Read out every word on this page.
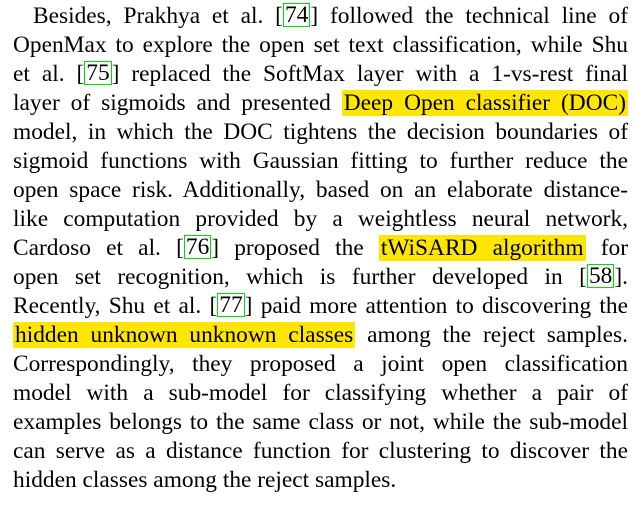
Besides, Prakhya et al. [74] followed the technical line of
OpenMax to explore the open set text classification, while Shu
et al. [75] replaced the SoftMax layer with a 1-vs-rest final
layer of sigmoids and presented Deep Open classifier (DOC)
model, in which the DOC tightens the decision boundaries of
sigmoid functions with Gaussian fitting to further reduce the
open space risk. Additionally, based on an elaborate distance-
like computation provided by a weightless neural network,
Cardoso et al. [76] proposed the tWiSARD algorithm for
open set recognition, which is further developed in [58].
Recently, Shu et al. [77] paid more attention to discovering the
hidden unknown unknown classes among the reject samples.
Correspondingly, they proposed a joint open classification
model with a sub-model for classifying whether a pair of
examples belongs to the same class or not, while the sub-model
can serve as a distance function for clustering to discover the
hidden classes among the reject samples.
